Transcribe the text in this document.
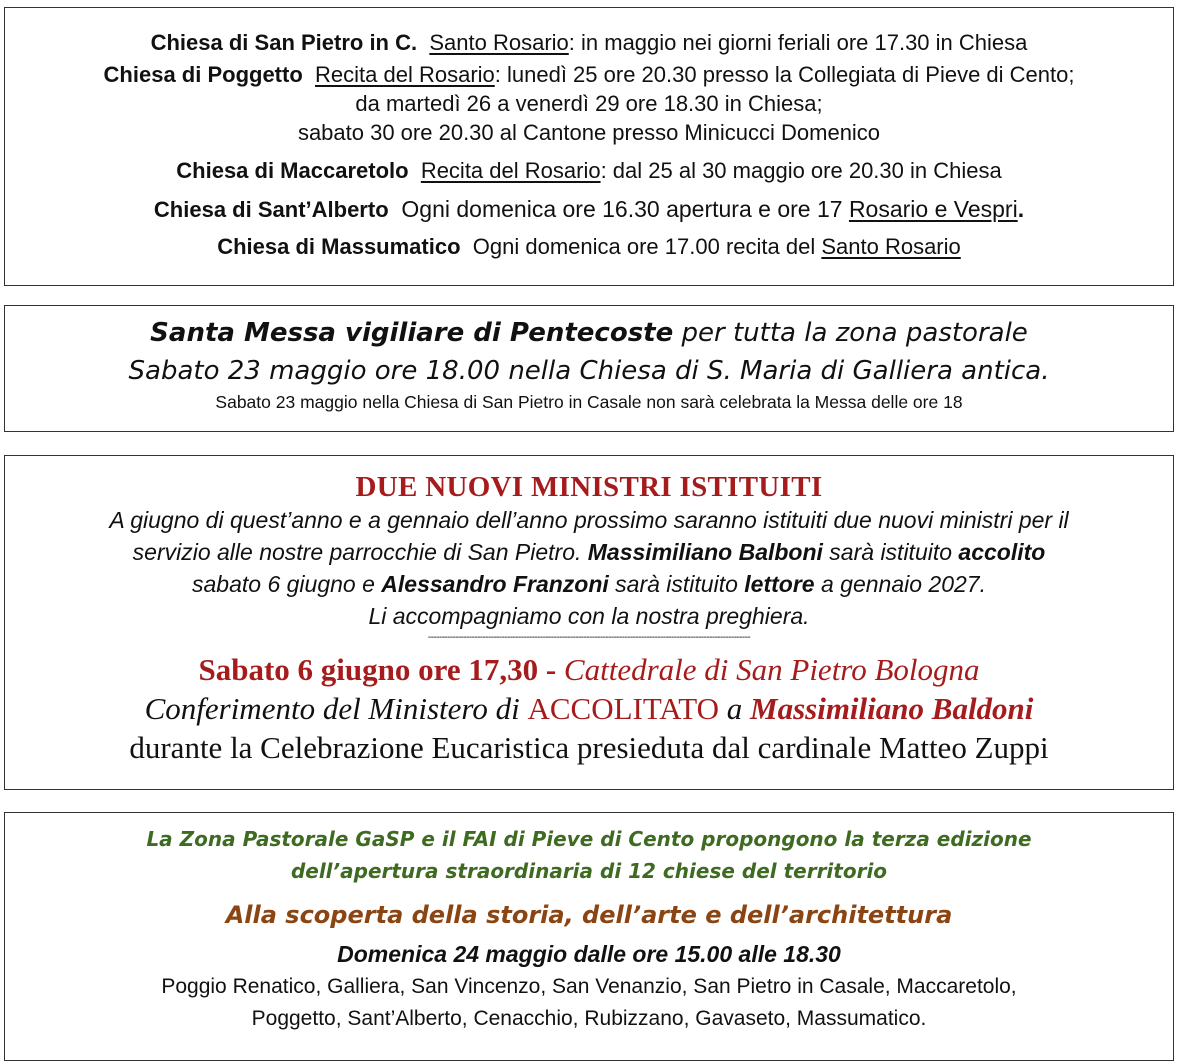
Chiesa di San Pietro in C. Santo Rosario: in maggio nei giorni feriali ore 17.30 in Chiesa

Chiesa di Poggetto Recita del Rosario: lunedì 25 ore 20.30 presso la Collegiata di Pieve di Cento;

da martedì 26 a venerdì 29 ore 18.30 in Chiesa;

sabato 30 ore 20.30 al Cantone presso Minicucci Domenico

Chiesa di Maccaretolo Recita del Rosario: dal 25 al 30 maggio ore 20.30 in Chiesa

Chiesa di Sant’Alberto Ogni domenica ore 16.30 apertura e ore 17 Rosario e Vespri.

Chiesa di Massumatico Ogni domenica ore 17.00 recita del Santo Rosario

Santa Messa vigiliare di Pentecoste per tutta la zona pastorale

Sabato 23 maggio ore 18.00 nella Chiesa di S. Maria di Galliera antica.

Sabato 23 maggio nella Chiesa di San Pietro in Casale non sarà celebrata la Messa delle ore 18

DUE NUOVI MINISTRI ISTITUITI

A giugno di quest’anno e a gennaio dell’anno prossimo saranno istituiti due nuovi ministri per il

servizio alle nostre parrocchie di San Pietro. Massimiliano Balboni sarà istituito accolito

sabato 6 giugno e Alessandro Franzoni sarà istituito lettore a gennaio 2027.

Li accompagniamo con la nostra preghiera.

----------------------------------------------------------------------------------------------------------------------

Sabato 6 giugno ore 17,30 - Cattedrale di San Pietro Bologna

Conferimento del Ministero di ACCOLITATO a Massimiliano Baldoni

durante la Celebrazione Eucaristica presieduta dal cardinale Matteo Zuppi

La Zona Pastorale GaSP e il FAI di Pieve di Cento propongono la terza edizione

dell’apertura straordinaria di 12 chiese del territorio

Alla scoperta della storia, dell’arte e dell’architettura

Domenica 24 maggio dalle ore 15.00 alle 18.30

Poggio Renatico, Galliera, San Vincenzo, San Venanzio, San Pietro in Casale, Maccaretolo,

Poggetto, Sant’Alberto, Cenacchio, Rubizzano, Gavaseto, Massumatico.
